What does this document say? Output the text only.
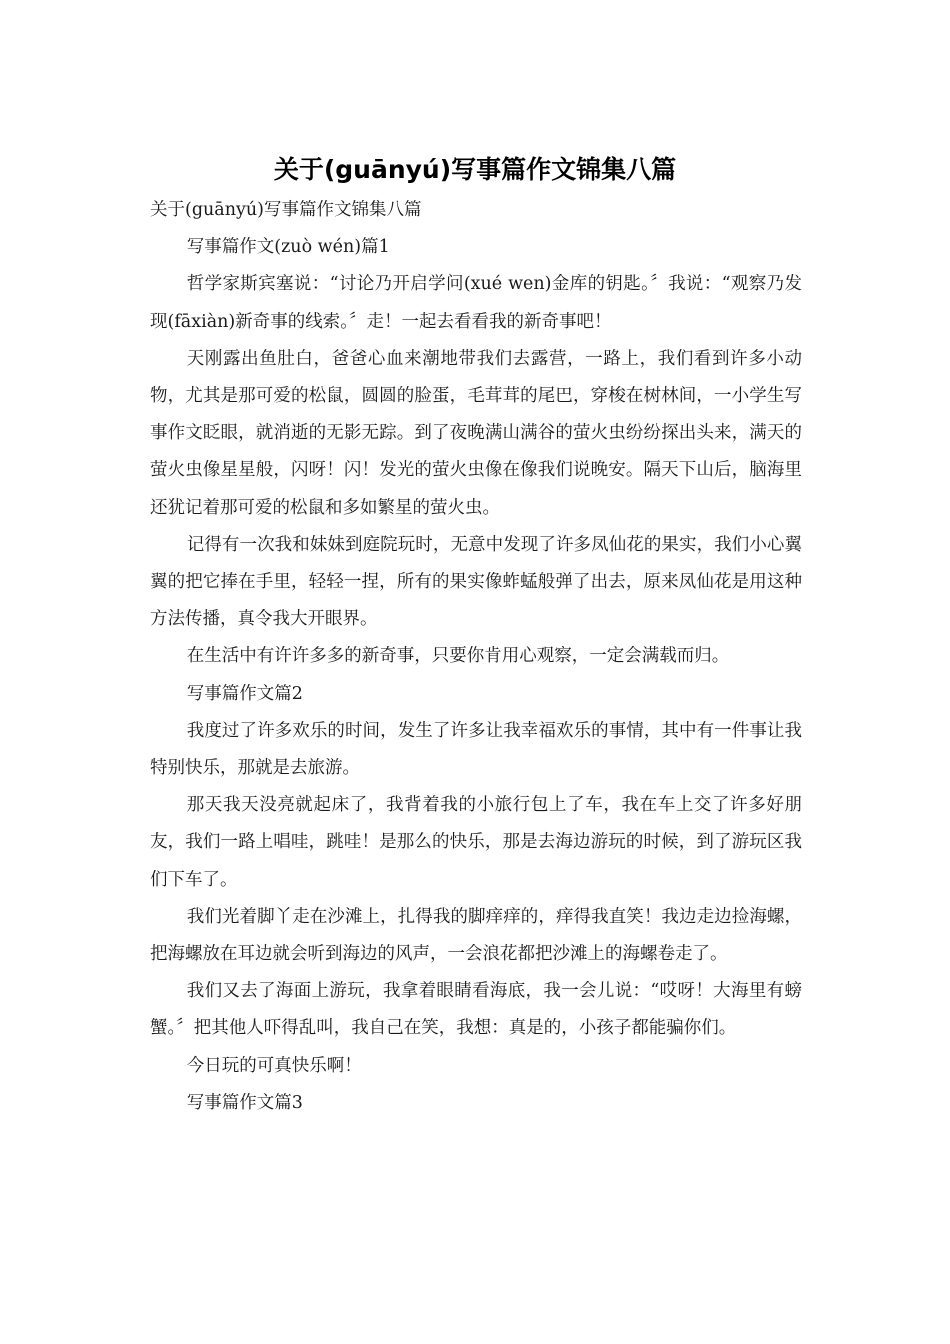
关于(guānyú)写事篇作文锦集八篇

关于(guānyú)写事篇作文锦集八篇

写事篇作文(zuò wén)篇1

哲学家斯宾塞说：“讨论乃开启学问(xué wen)金库的钥匙。〞我说：“观察乃发现(fāxiàn)新奇事的线索。〞走！一起去看看我的新奇事吧！

天刚露出鱼肚白，爸爸心血来潮地带我们去露营，一路上，我们看到许多小动物，尤其是那可爱的松鼠，圆圆的脸蛋，毛茸茸的尾巴，穿梭在树林间，一小学生写事作文眨眼，就消逝的无影无踪。到了夜晚满山满谷的萤火虫纷纷探出头来，满天的萤火虫像星星般，闪呀！闪！发光的萤火虫像在像我们说晚安。隔天下山后，脑海里还犹记着那可爱的松鼠和多如繁星的萤火虫。

记得有一次我和妹妹到庭院玩时，无意中发现了许多凤仙花的果实，我们小心翼翼的把它捧在手里，轻轻一捏，所有的果实像蚱蜢般弹了出去，原来凤仙花是用这种方法传播，真令我大开眼界。

在生活中有许许多多的新奇事，只要你肯用心观察，一定会满载而归。

写事篇作文篇2

我度过了许多欢乐的时间，发生了许多让我幸福欢乐的事情，其中有一件事让我特别快乐，那就是去旅游。

那天我天没亮就起床了，我背着我的小旅行包上了车，我在车上交了许多好朋友，我们一路上唱哇，跳哇！是那么的快乐，那是去海边游玩的时候，到了游玩区我们下车了。

我们光着脚丫走在沙滩上，扎得我的脚痒痒的，痒得我直笑！我边走边捡海螺，把海螺放在耳边就会听到海边的风声，一会浪花都把沙滩上的海螺卷走了。

我们又去了海面上游玩，我拿着眼睛看海底，我一会儿说：“哎呀！大海里有螃蟹。〞把其他人吓得乱叫，我自己在笑，我想：真是的，小孩子都能骗你们。

今日玩的可真快乐啊！

写事篇作文篇3
